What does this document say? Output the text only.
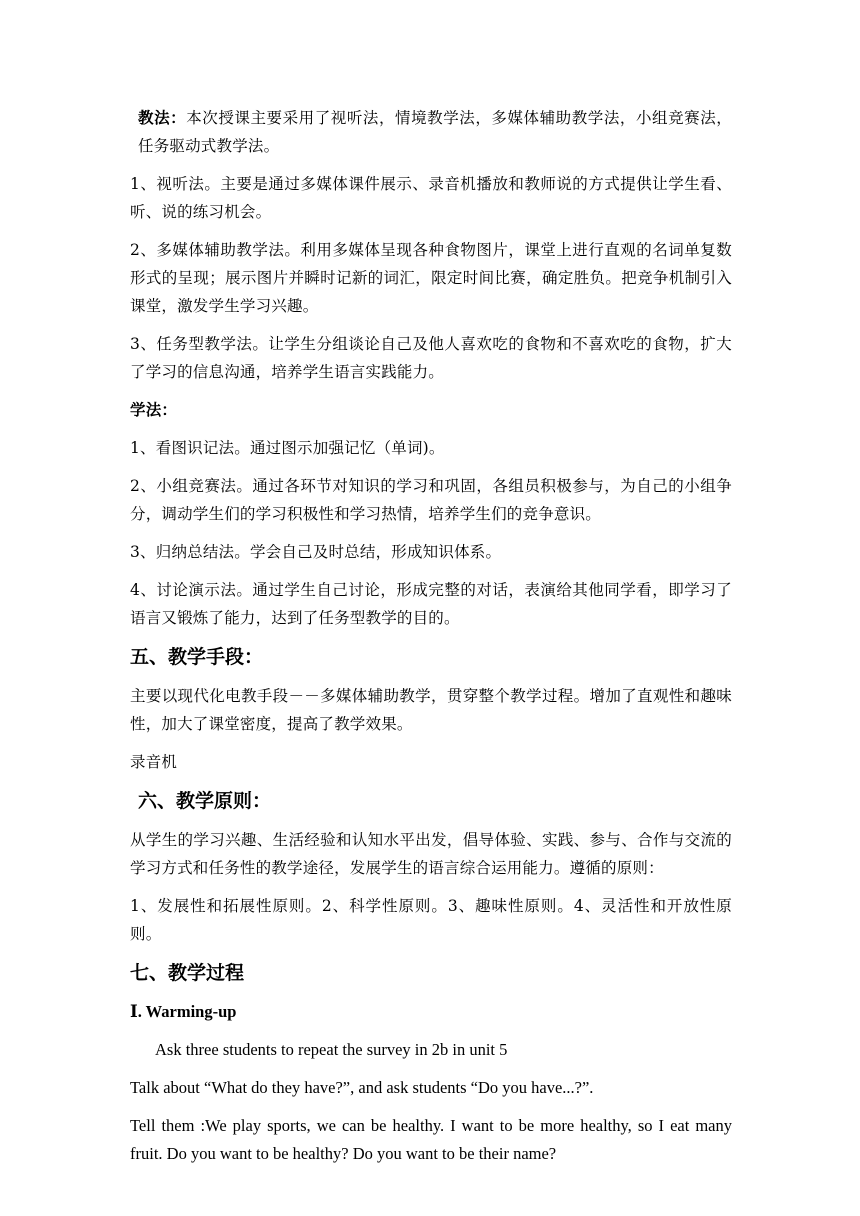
教法：本次授课主要采用了视听法，情境教学法，多媒体辅助教学法，小组竞赛法，任务驱动式教学法。

1、视听法。主要是通过多媒体课件展示、录音机播放和教师说的方式提供让学生看、听、说的练习机会。

2、多媒体辅助教学法。利用多媒体呈现各种食物图片，课堂上进行直观的名词单复数形式的呈现；展示图片并瞬时记新的词汇，限定时间比赛，确定胜负。把竞争机制引入课堂，激发学生学习兴趣。

3、任务型教学法。让学生分组谈论自己及他人喜欢吃的食物和不喜欢吃的食物，扩大了学习的信息沟通，培养学生语言实践能力。

学法：

1、看图识记法。通过图示加强记忆（单词)。

2、小组竞赛法。通过各环节对知识的学习和巩固，各组员积极参与，为自己的小组争分，调动学生们的学习积极性和学习热情，培养学生们的竞争意识。

3、归纳总结法。学会自己及时总结，形成知识体系。

4、讨论演示法。通过学生自己讨论，形成完整的对话，表演给其他同学看，即学习了语言又锻炼了能力，达到了任务型教学的目的。

五、教学手段：

主要以现代化电教手段－－多媒体辅助教学，贯穿整个教学过程。增加了直观性和趣味性，加大了课堂密度，提高了教学效果。

录音机

六、教学原则：

从学生的学习兴趣、生活经验和认知水平出发，倡导体验、实践、参与、合作与交流的学习方式和任务性的教学途径，发展学生的语言综合运用能力。遵循的原则：

1、发展性和拓展性原则。2、科学性原则。3、趣味性原则。4、灵活性和开放性原则。

七、教学过程

Ⅰ. Warming-up

Ask three students to repeat the survey in 2b in unit 5

Talk about “What do they have?”, and ask students “Do you have...?”.

Tell them :We play sports, we can be healthy. I want to be more healthy, so I eat many fruit. Do you want to be healthy? Do you want to be their name?
